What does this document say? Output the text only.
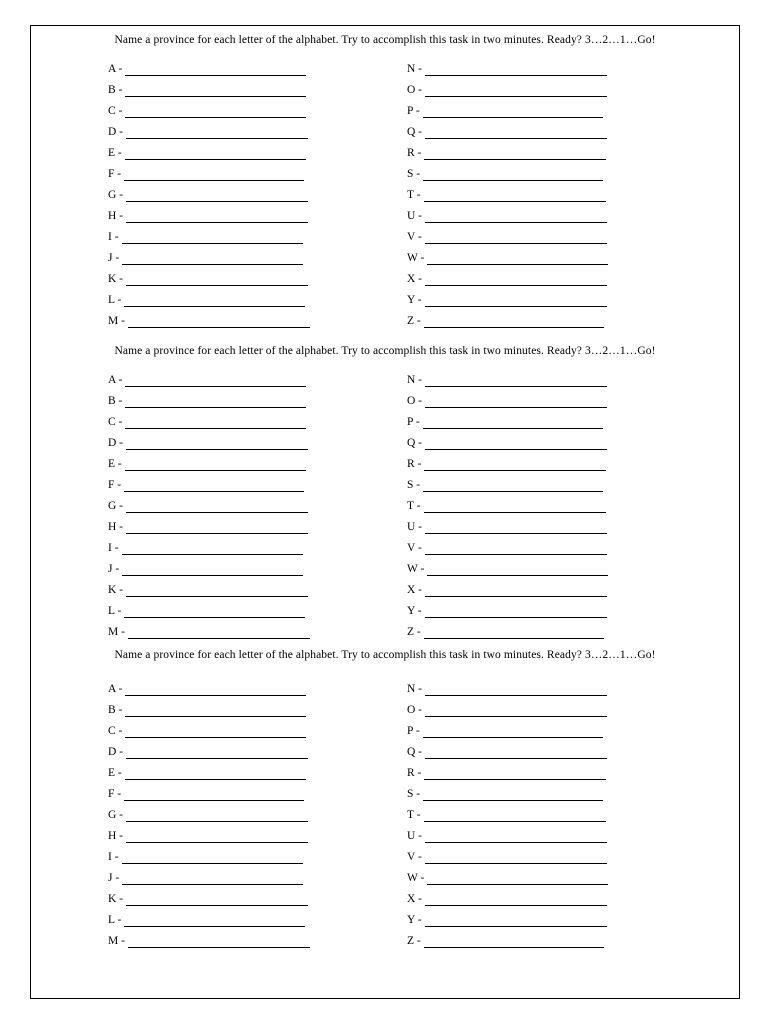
Name a province for each letter of the alphabet. Try to accomplish this task in two minutes. Ready? 3…2…1…Go!
A -	N -
B -	O -
C -	P -
D -	Q -
E -	R -
F -	S -
G -	T -
H -	U -
I -	V -
J -	W -
K -	X -
L -	Y -
M -	Z -
Name a province for each letter of the alphabet. Try to accomplish this task in two minutes. Ready? 3…2…1…Go!
A -	N -
B -	O -
C -	P -
D -	Q -
E -	R -
F -	S -
G -	T -
H -	U -
I -	V -
J -	W -
K -	X -
L -	Y -
M -	Z -
Name a province for each letter of the alphabet. Try to accomplish this task in two minutes. Ready? 3…2…1…Go!
A -	N -
B -	O -
C -	P -
D -	Q -
E -	R -
F -	S -
G -	T -
H -	U -
I -	V -
J -	W -
K -	X -
L -	Y -
M -	Z -
